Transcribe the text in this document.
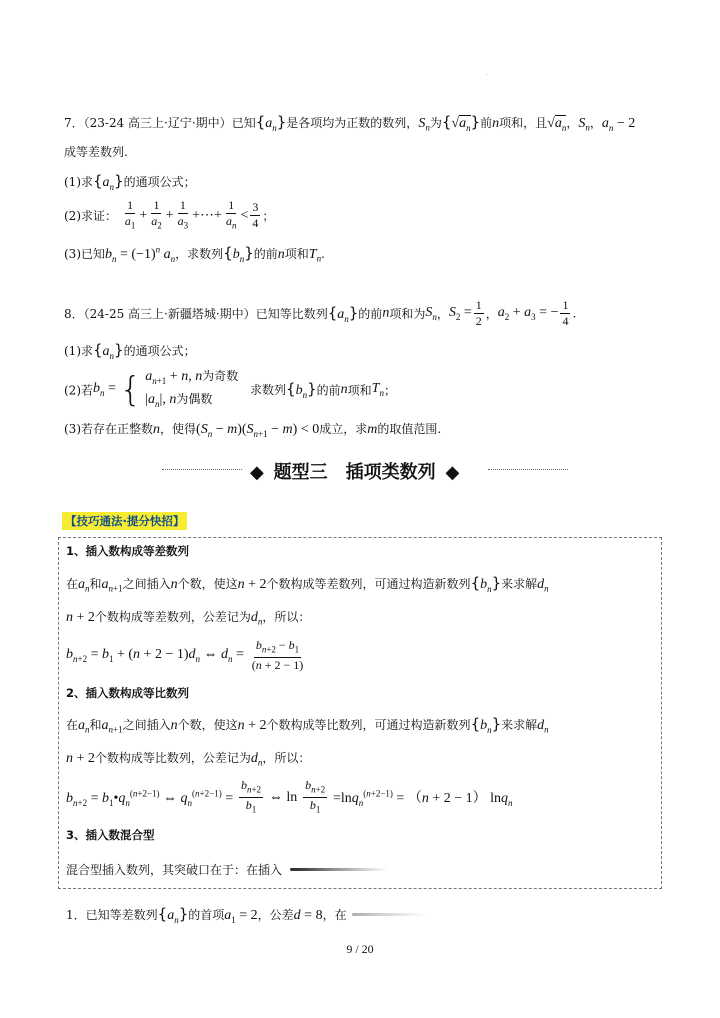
·
7．（23-24 高三上·辽宁·期中）已知$\{a_n\}$是各项均为正数的数列，$S_n$为$\{√a_n\}$前n项和，且$√a_n$，$S_n$，$a_n - 2$
成等差数列.
(1)求$\{a_n\}$的通项公式；
(2)求证： $\frac{1}{a_1} + \frac{1}{a_2} + \frac{1}{a_3}$ +⋯+ $\frac{1}{a_n} < \frac{3}{4}$ ；
(3)已知$b_n = (-1)^n$ $a_n$，求数列$\{b_n\}$的前n项和$T_n$.
8．（24-25 高三上·新疆塔城·期中）已知等比数列$\{a_n\}$的前n项和为$S_n$，$S_2 = \frac{1}{2}$ ，$a_2 + a_3$ = − $\frac{1}{4}$ .
(1)求$\{a_n\}$的通项公式；
(2)若$b_n$ = { $a_{n+1} + n$, n为奇数
$|a_n|$, n为偶数
求数列$\{b_n\}$的前n项和$T_n$；
(3)若存在正整数n，使得$(S_n - m)(S_{n+1} - m) < 0$成立，求m的取值范围.
◆ 题型三　插项类数列 ◆
【技巧通法·提分快招】
1、插入数构成等差数列
在$a_n$和$a_{n+1}$之间插入n个数，使这n + 2个数构成等差数列，可通过构造新数列$\{b_n\}$来求解$d_n$
n + 2个数构成等差数列，公差记为$d_n$，所以：
$b_{n+2} = b_1 + (n + 2 - 1)d_n$ ⇔ $d_n = \frac{b_{n+2} - b_1}{(n + 2 - 1)}$
2、插入数构成等比数列
在$a_n$和$a_{n+1}$之间插入n个数，使这n + 2个数构成等比数列，可通过构造新数列$\{b_n\}$来求解$d_n$
n + 2个数构成等比数列，公差记为$d_n$，所以：
$b_{n+2}$ = $b_1•q_n^{(n+2-1)}$ ⇔ $q_n^{(n+2-1)} = \frac{b_{n+2}}{b_1}$ ⇔ $\ln \frac{b_{n+2}}{b_1} =\ln q_n^{(n+2-1)} = (n + 2 - 1)$ lnq$_n$
3、插入数混合型
混合型插入数列，其突破口在于：在插入
1．已知等差数列$\{a_n\}$的首项$a_1 = 2$，公差d = 8，在
9 / 20
